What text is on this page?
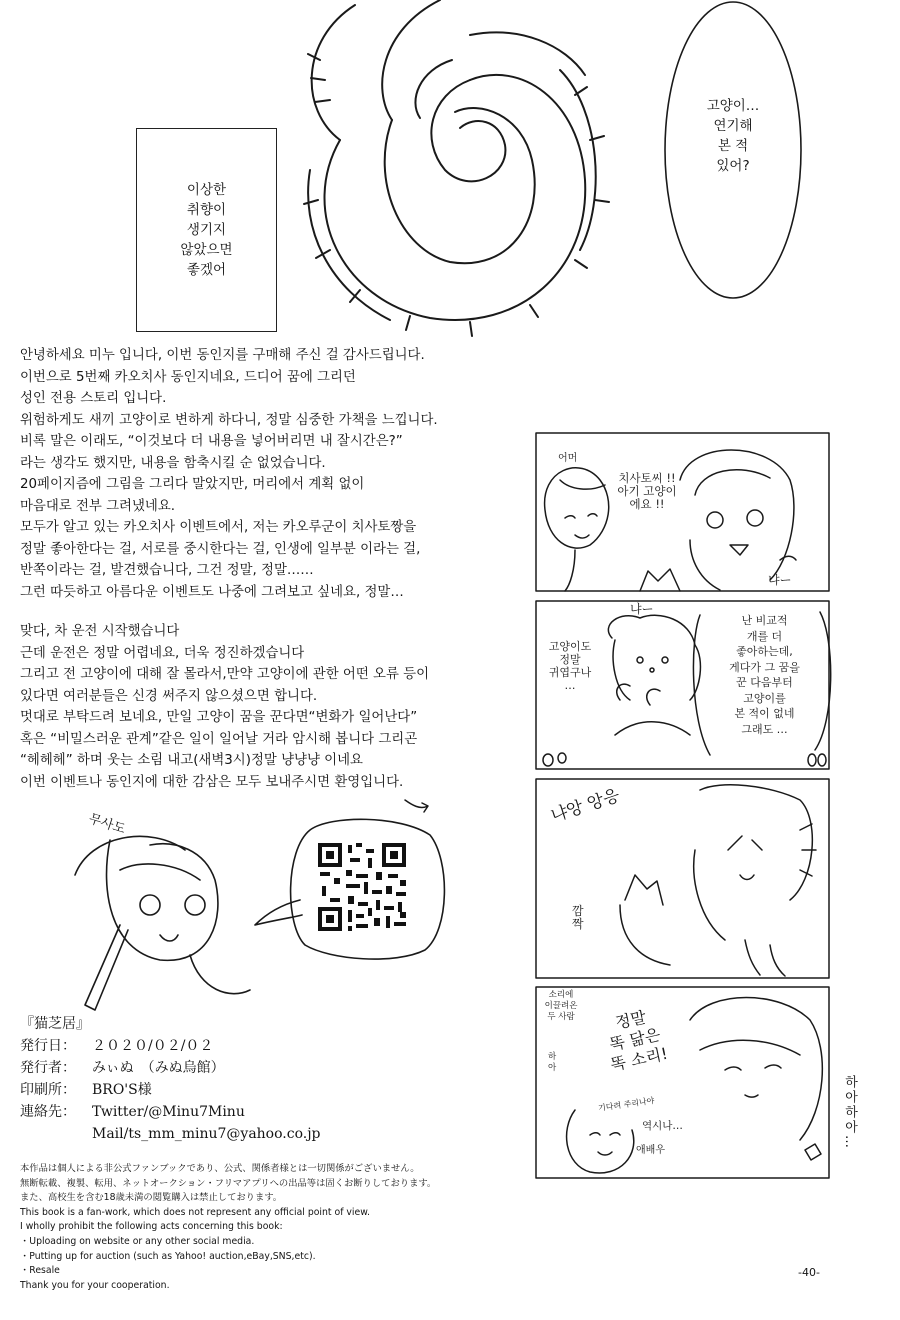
이상한
취향이
생기지
않았으면
좋겠어
고양이…
연기해
본 적
있어?
안녕하세요 미누 입니다, 이번 동인지를 구매해 주신 걸 감사드립니다.
이번으로 5번째 카오치사 동인지네요, 드디어 꿈에 그리던
성인 전용 스토리 입니다.
위험하게도 새끼 고양이로 변하게 하다니, 정말 심중한 가책을 느낍니다.
비록 말은 이래도, “이것보다 더 내용을 넣어버리면 내 잘시간은?”
라는 생각도 했지만, 내용을 함축시킬 순 없었습니다.
20페이지즘에 그림을 그리다 말았지만, 머리에서 계획 없이
마음대로 전부 그려냈네요.
모두가 알고 있는 카오치사 이벤트에서, 저는 카오루군이 치사토짱을
정말 좋아한다는 걸, 서로를 중시한다는 걸, 인생에 일부분 이라는 걸,
반쪽이라는 걸, 발견했습니다, 그건 정말, 정말……
그런 따듯하고 아름다운 이벤트도 나중에 그려보고 싶네요, 정말…
맞다, 차 운전 시작했습니다
근데 운전은 정말 어렵네요, 더욱 정진하겠습니다
그리고 전 고양이에 대해 잘 몰라서,만약 고양이에 관한 어떤 오류 등이
있다면 여러분들은 신경 써주지 않으셨으면 합니다.
멋대로 부탁드려 보네요, 만일 고양이 꿈을 꾼다면“변화가 일어난다”
혹은 “비밀스러운 관계”같은 일이 일어날 거라 암시해 봅니다 그리곤
“헤헤헤” 하며 웃는 소림 내고(새벽3시)정말 냥냥냥 이네요
이번 이벤트나 동인지에 대한 감삼은 모두 보내주시면 환영입니다.
무사도
어머
치사토씨 !!
아기 고양이
에요 !!
냐ー
냐ー
고양이도
정말
귀엽구나
…
난 비교적
개를 더
좋아하는데,
게다가 그 꿈을
꾼 다음부터
고양이를
본 적이 없네
그래도 …
냐앙 앙응
깜
짝
소리에
이끌려온
두 사람
하
아
정말
똑 닮은
똑 소리!
기다려 주리나야
역시나…
애배우
하아하아…
『猫芝居』
発行日：	２０２０/０２/０２
発行者：	みぃぬ　（みぬ烏館）
印刷所：	BRO'S様
連絡先：	Twitter/@Minu7Minu
Mail/ts_mm_minu7@yahoo.co.jp
本作品は個人による非公式ファンブックであり、公式、関係者様とは一切関係がございません。
無断転載、複製、転用、ネットオークション・フリマアプリへの出品等は固くお断りしております。
また、高校生を含む18歳未満の閲覧購入は禁止しております。
This book is a fan-work, which does not represent any official point of view.
I wholly prohibit the following acts concerning this book:
・Uploading on website or any other social media.
・Putting up for auction (such as Yahoo! auction,eBay,SNS,etc).
・Resale
Thank you for your cooperation.
-40-
